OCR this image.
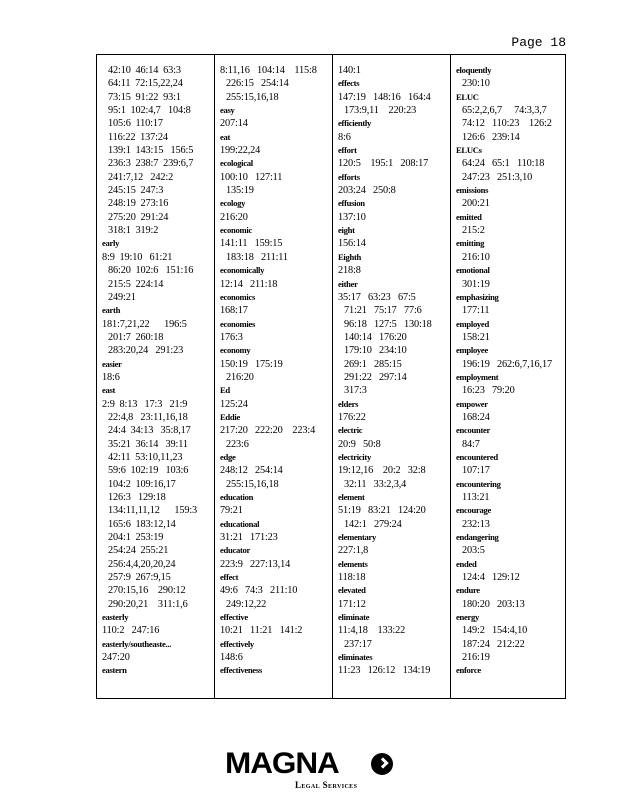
Page 18
42:10  46:14  63:3
64:11  72:15,22,24
73:15  91:22  93:1
95:1  102:4,7   104:8
105:6  110:17
116:22  137:24
139:1  143:15   156:5
236:3  238:7  239:6,7
241:7,12   242:2
245:15  247:3
248:19  273:16
275:20  291:24
318:1  319:2
early
8:9  19:10   61:21
86:20  102:6   151:16
215:5  224:14
249:21
earth
181:7,21,22      196:5
201:7  260:18
283:20,24   291:23
easier
18:6
east
2:9  8:13   17:3   21:9
22:4,8   23:11,16,18
24:4  34:13   35:8,17
35:21  36:14   39:11
42:11  53:10,11,23
59:6  102:19   103:6
104:2  109:16,17
126:3   129:18
134:11,11,12      159:3
165:6  183:12,14
204:1  253:19
254:24  255:21
256:4,4,20,20,24
257:9  267:9,15
270:15,16    290:12
290:20,21    311:1,6
easterly
110:2   247:16
easterly/southeaste...
247:20
eastern
8:11,16   104:14    115:8
226:15   254:14
255:15,16,18
easy
207:14
eat
199:22,24
ecological
100:10   127:11
135:19
ecology
216:20
economic
141:11   159:15
183:18   211:11
economically
12:14   211:18
economics
168:17
economies
176:3
economy
150:19   175:19
216:20
Ed
125:24
Eddie
217:20   222:20    223:4
223:6
edge
248:12   254:14
255:15,16,18
education
79:21
educational
31:21   171:23
educator
223:9   227:13,14
effect
49:6   74:3   211:10
249:12,22
effective
10:21   11:21   141:2
effectively
148:6
effectiveness
140:1
effects
147:19   148:16   164:4
173:9,11    220:23
efficiently
8:6
effort
120:5    195:1   208:17
efforts
203:24   250:8
effusion
137:10
eight
156:14
Eighth
218:8
either
35:17   63:23   67:5
71:21   75:17   77:6
96:18   127:5   130:18
140:14   176:20
179:10   234:10
269:1   285:15
291:22   297:14
317:3
elders
176:22
electric
20:9   50:8
electricity
19:12,16    20:2   32:8
32:11   33:2,3,4
element
51:19   83:21   124:20
142:1   279:24
elementary
227:1,8
elements
118:18
elevated
171:12
eliminate
11:4,18    133:22
237:17
eliminates
11:23   126:12   134:19
eloquently
230:10
ELUC
65:2,2,6,7     74:3,3,7
74:12   110:23    126:2
126:6   239:14
ELUCs
64:24   65:1   110:18
247:23   251:3,10
emissions
200:21
emitted
215:2
emitting
216:10
emotional
301:19
emphasizing
177:11
employed
158:21
employee
196:19   262:6,7,16,17
employment
16:23   79:20
empower
168:24
encounter
84:7
encountered
107:17
encountering
113:21
encourage
232:13
endangering
203:5
ended
124:4   129:12
endure
180:20   203:13
energy
149:2   154:4,10
187:24   212:22
216:19
enforce
MAGNA
Legal Services
